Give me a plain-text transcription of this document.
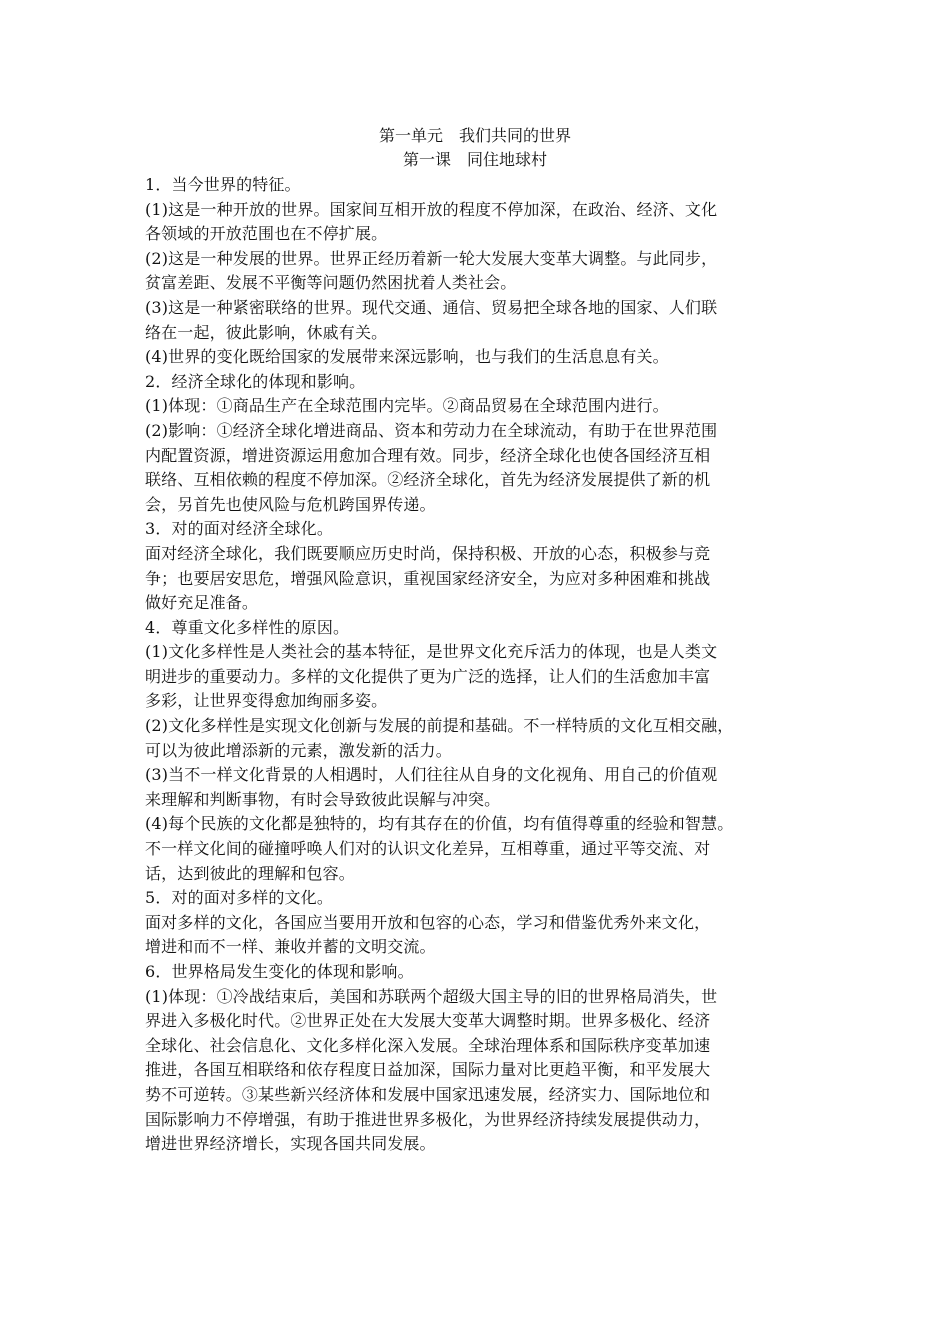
第一单元　我们共同的世界
第一课　同住地球村
1．当今世界的特征。
(1)这是一种开放的世界。国家间互相开放的程度不停加深，在政治、经济、文化
各领域的开放范围也在不停扩展。
(2)这是一种发展的世界。世界正经历着新一轮大发展大变革大调整。与此同步，
贫富差距、发展不平衡等问题仍然困扰着人类社会。
(3)这是一种紧密联络的世界。现代交通、通信、贸易把全球各地的国家、人们联
络在一起，彼此影响，休戚有关。
(4)世界的变化既给国家的发展带来深远影响，也与我们的生活息息有关。
2．经济全球化的体现和影响。
(1)体现：①商品生产在全球范围内完毕。②商品贸易在全球范围内进行。
(2)影响：①经济全球化增进商品、资本和劳动力在全球流动，有助于在世界范围
内配置资源，增进资源运用愈加合理有效。同步，经济全球化也使各国经济互相
联络、互相依赖的程度不停加深。②经济全球化，首先为经济发展提供了新的机
会，另首先也使风险与危机跨国界传递。
3．对的面对经济全球化。
面对经济全球化，我们既要顺应历史时尚，保持积极、开放的心态，积极参与竞
争；也要居安思危，增强风险意识，重视国家经济安全，为应对多种困难和挑战
做好充足准备。
4．尊重文化多样性的原因。
(1)文化多样性是人类社会的基本特征，是世界文化充斥活力的体现，也是人类文
明进步的重要动力。多样的文化提供了更为广泛的选择，让人们的生活愈加丰富
多彩，让世界变得愈加绚丽多姿。
(2)文化多样性是实现文化创新与发展的前提和基础。不一样特质的文化互相交融，
可以为彼此增添新的元素，激发新的活力。
(3)当不一样文化背景的人相遇时，人们往往从自身的文化视角、用自己的价值观
来理解和判断事物，有时会导致彼此误解与冲突。
(4)每个民族的文化都是独特的，均有其存在的价值，均有值得尊重的经验和智慧。
不一样文化间的碰撞呼唤人们对的认识文化差异，互相尊重，通过平等交流、对
话，达到彼此的理解和包容。
5．对的面对多样的文化。
面对多样的文化，各国应当要用开放和包容的心态，学习和借鉴优秀外来文化，
增进和而不一样、兼收并蓄的文明交流。
6．世界格局发生变化的体现和影响。
(1)体现：①冷战结束后，美国和苏联两个超级大国主导的旧的世界格局消失，世
界进入多极化时代。②世界正处在大发展大变革大调整时期。世界多极化、经济
全球化、社会信息化、文化多样化深入发展。全球治理体系和国际秩序变革加速
推进，各国互相联络和依存程度日益加深，国际力量对比更趋平衡，和平发展大
势不可逆转。③某些新兴经济体和发展中国家迅速发展，经济实力、国际地位和
国际影响力不停增强，有助于推进世界多极化，为世界经济持续发展提供动力，
增进世界经济增长，实现各国共同发展。
